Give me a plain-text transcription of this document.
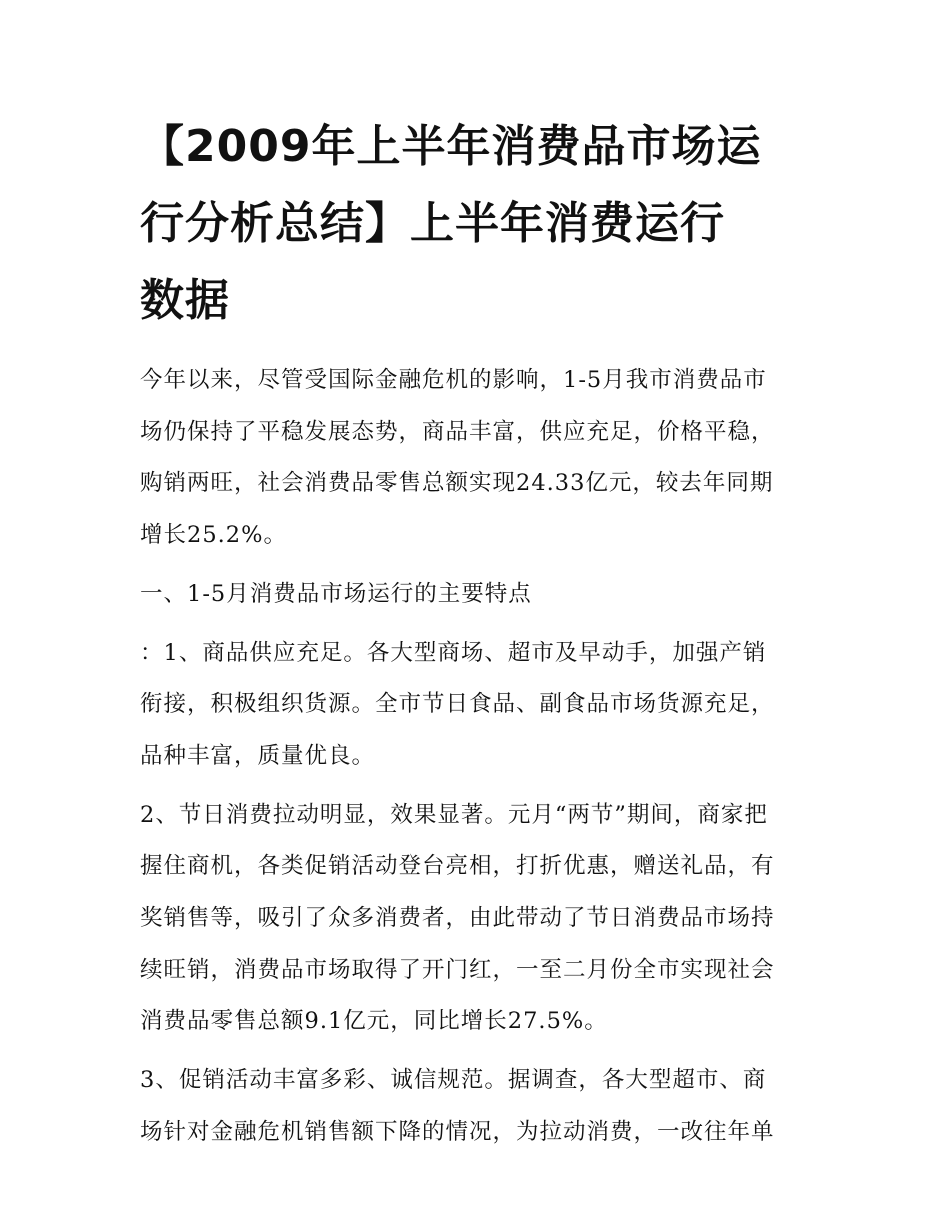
【2009年上半年消费品市场运
行分析总结】上半年消费运行
数据

今年以来，尽管受国际金融危机的影响，1-5月我市消费品市
场仍保持了平稳发展态势，商品丰富，供应充足，价格平稳，
购销两旺，社会消费品零售总额实现24.33亿元，较去年同期
增长25.2%。

一、1-5月消费品市场运行的主要特点

：1、商品供应充足。各大型商场、超市及早动手，加强产销
衔接，积极组织货源。全市节日食品、副食品市场货源充足，
品种丰富，质量优良。

2、节日消费拉动明显，效果显著。元月“两节”期间，商家把
握住商机，各类促销活动登台亮相，打折优惠，赠送礼品，有
奖销售等，吸引了众多消费者，由此带动了节日消费品市场持
续旺销，消费品市场取得了开门红，一至二月份全市实现社会
消费品零售总额9.1亿元，同比增长27.5%。

3、促销活动丰富多彩、诚信规范。据调查，各大型超市、商
场针对金融危机销售额下降的情况，为拉动消费，一改往年单
